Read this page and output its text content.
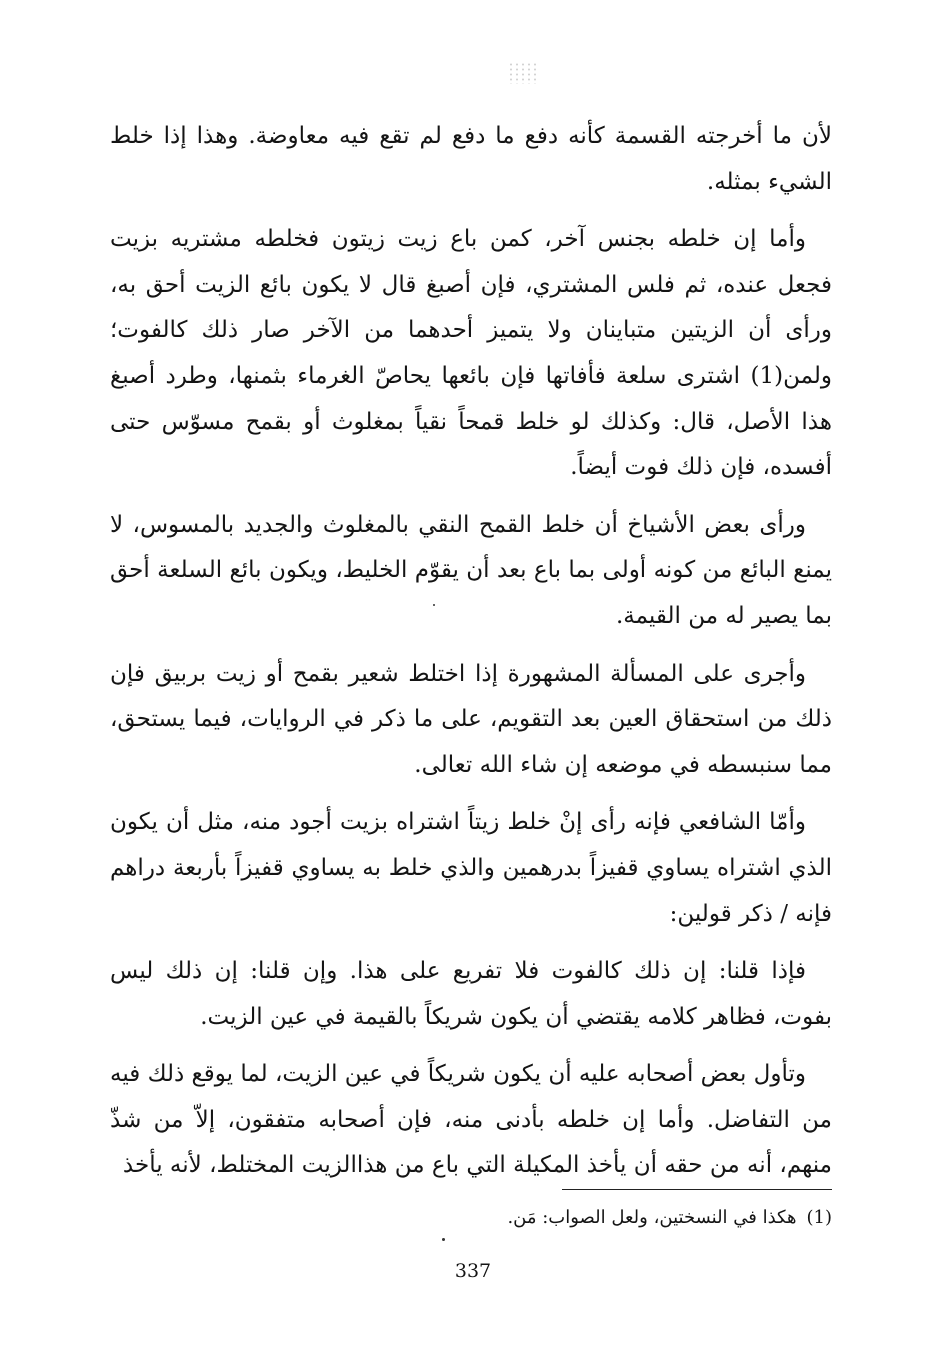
لأن ما أخرجته القسمة كأنه دفع ما دفع لم تقع فيه معاوضة. وهذا إذا خلط الشيء بمثله.

وأما إن خلطه بجنس آخر، كمن باع زيت زيتون فخلطه مشتريه بزيت فجعل عنده، ثم فلس المشتري، فإن أصبغ قال لا يكون بائع الزيت أحق به، ورأى أن الزيتين متباينان ولا يتميز أحدهما من الآخر صار ذلك كالفوت؛ ولمن(1) اشترى سلعة فأفاتها فإن بائعها يحاصّ الغرماء بثمنها، وطرد أصبغ هذا الأصل، قال: وكذلك لو خلط قمحاً نقياً بمغلوث أو بقمح مسوّس حتى أفسده، فإن ذلك فوت أيضاً.

ورأى بعض الأشياخ أن خلط القمح النقي بالمغلوث والجديد بالمسوس، لا يمنع البائع من كونه أولى بما باع بعد أن يقوّم الخليط، ويكون بائع السلعة أحق بما يصير له من القيمة.

وأجرى على المسألة المشهورة إذا اختلط شعير بقمح أو زيت بربيق فإن ذلك من استحقاق العين بعد التقويم، على ما ذكر في الروايات، فيما يستحق، مما سنبسطه في موضعه إن شاء الله تعالى.

وأمّا الشافعي فإنه رأى إنْ خلط زيتاً اشتراه بزيت أجود منه، مثل أن يكون الذي اشتراه يساوي قفيزاً بدرهمين والذي خلط به يساوي قفيزاً بأربعة دراهم فإنه / ذكر قولين:

فإذا قلنا: إن ذلك كالفوت فلا تفريع على هذا. وإن قلنا: إن ذلك ليس بفوت، فظاهر كلامه يقتضي أن يكون شريكاً بالقيمة في عين الزيت.

وتأول بعض أصحابه عليه أن يكون شريكاً في عين الزيت، لما يوقع ذلك فيه من التفاضل. وأما إن خلطه بأدنى منه، فإن أصحابه متفقون، إلاّ من شذّ منهم، أنه من حقه أن يأخذ المكيلة التي باع من هذاالزيت المختلط، لأنه يأخذ

(1)هكذا في النسختين، ولعل الصواب: مَن.
337
